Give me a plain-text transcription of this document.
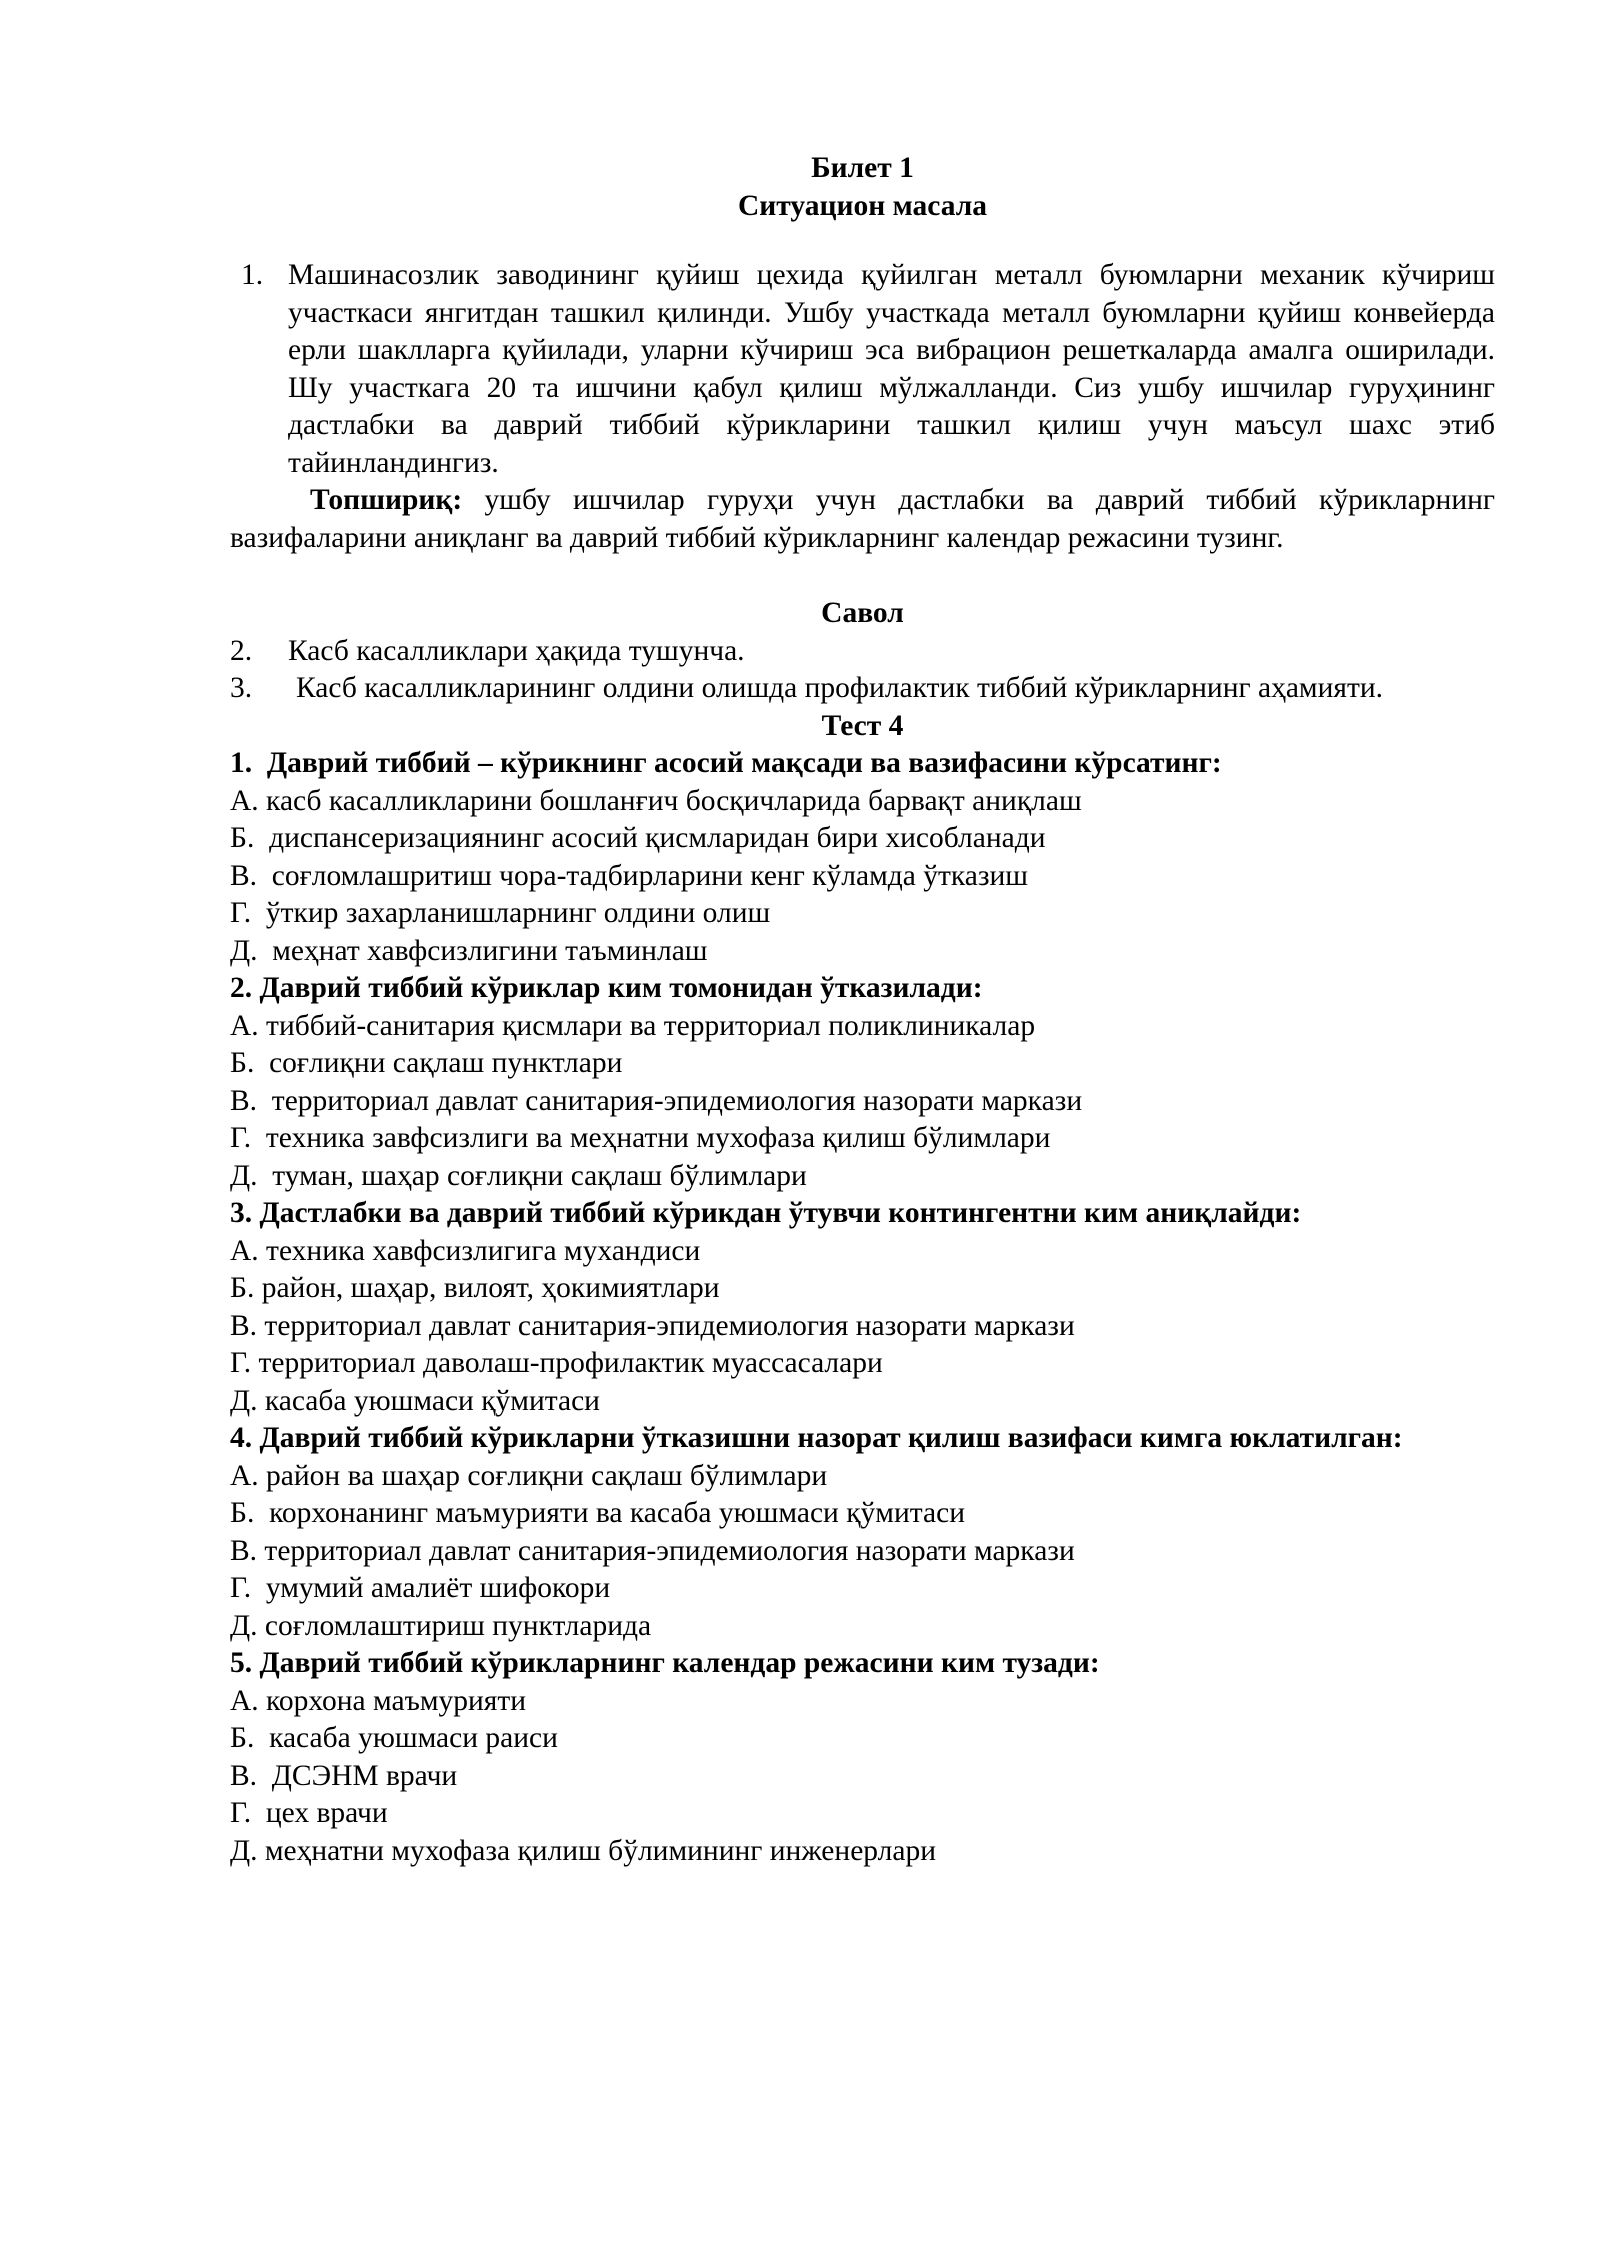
Билет 1
Ситуацион масала
1. Машинасозлик заводининг қуйиш цехида қуйилган металл буюмларни механик кўчириш участкаси янгитдан ташкил қилинди. Ушбу участкада металл буюмларни қуйиш конвейерда ерли шаклларга қуйилади, уларни кўчириш эса вибрацион решеткаларда амалга оширилади. Шу участкага 20 та ишчини қабул қилиш мўлжалланди. Сиз ушбу ишчилар гуруҳининг дастлабки ва даврий тиббий кўрикларини ташкил қилиш учун маъсул шахс этиб тайинландингиз.
Топшириқ: ушбу ишчилар гуруҳи учун дастлабки ва даврий тиббий кўрикларнинг вазифаларини аниқланг ва даврий тиббий кўрикларнинг календар режасини тузинг.
Савол
2.	Касб касалликлари ҳақида тушунча.
3.	Касб касалликларининг олдини олишда профилактик тиббий кўрикларнинг аҳамияти.
Тест 4
1.  Даврий тиббий – кўрикнинг асосий мақсади ва вазифасини кўрсатинг:
А. касб касалликларини бошланғич босқичларида барвақт аниқлаш
Б.  диспансеризациянинг асосий қисмларидан бири хисобланади
В.  соғломлашритиш чора-тадбирларини кенг кўламда ўтказиш
Г.  ўткир захарланишларнинг олдини олиш
Д.  меҳнат хавфсизлигини таъминлаш
2. Даврий тиббий кўриклар ким томонидан ўтказилади:
А. тиббий-санитария қисмлари ва территориал поликлиникалар
Б.  соғлиқни сақлаш пунктлари
В.  территориал давлат санитария-эпидемиология назорати маркази
Г.  техника завфсизлиги ва меҳнатни мухофаза қилиш бўлимлари
Д.  туман, шаҳар соғлиқни сақлаш бўлимлари
3. Дастлабки ва даврий тиббий кўрикдан ўтувчи контингентни ким аниқлайди:
А. техника хавфсизлигига мухандиси
Б. район, шаҳар, вилоят, ҳокимиятлари
В. территориал давлат санитария-эпидемиология назорати маркази
Г. территориал даволаш-профилактик муассасалари
Д. касаба уюшмаси қўмитаси
4. Даврий тиббий кўрикларни ўтказишни назорат қилиш вазифаси кимга юклатилган:
А. район ва шаҳар соғлиқни сақлаш бўлимлари
Б.  корхонанинг маъмурияти ва касаба уюшмаси қўмитаси
В. территориал давлат санитария-эпидемиология назорати маркази
Г.  умумий амалиёт шифокори
Д. соғломлаштириш пунктларида
5. Даврий тиббий кўрикларнинг календар режасини ким тузади:
А. корхона маъмурияти
Б.  касаба уюшмаси раиси
В.  ДСЭНМ врачи
Г.  цех врачи
Д. меҳнатни мухофаза қилиш бўлимининг инженерлари
